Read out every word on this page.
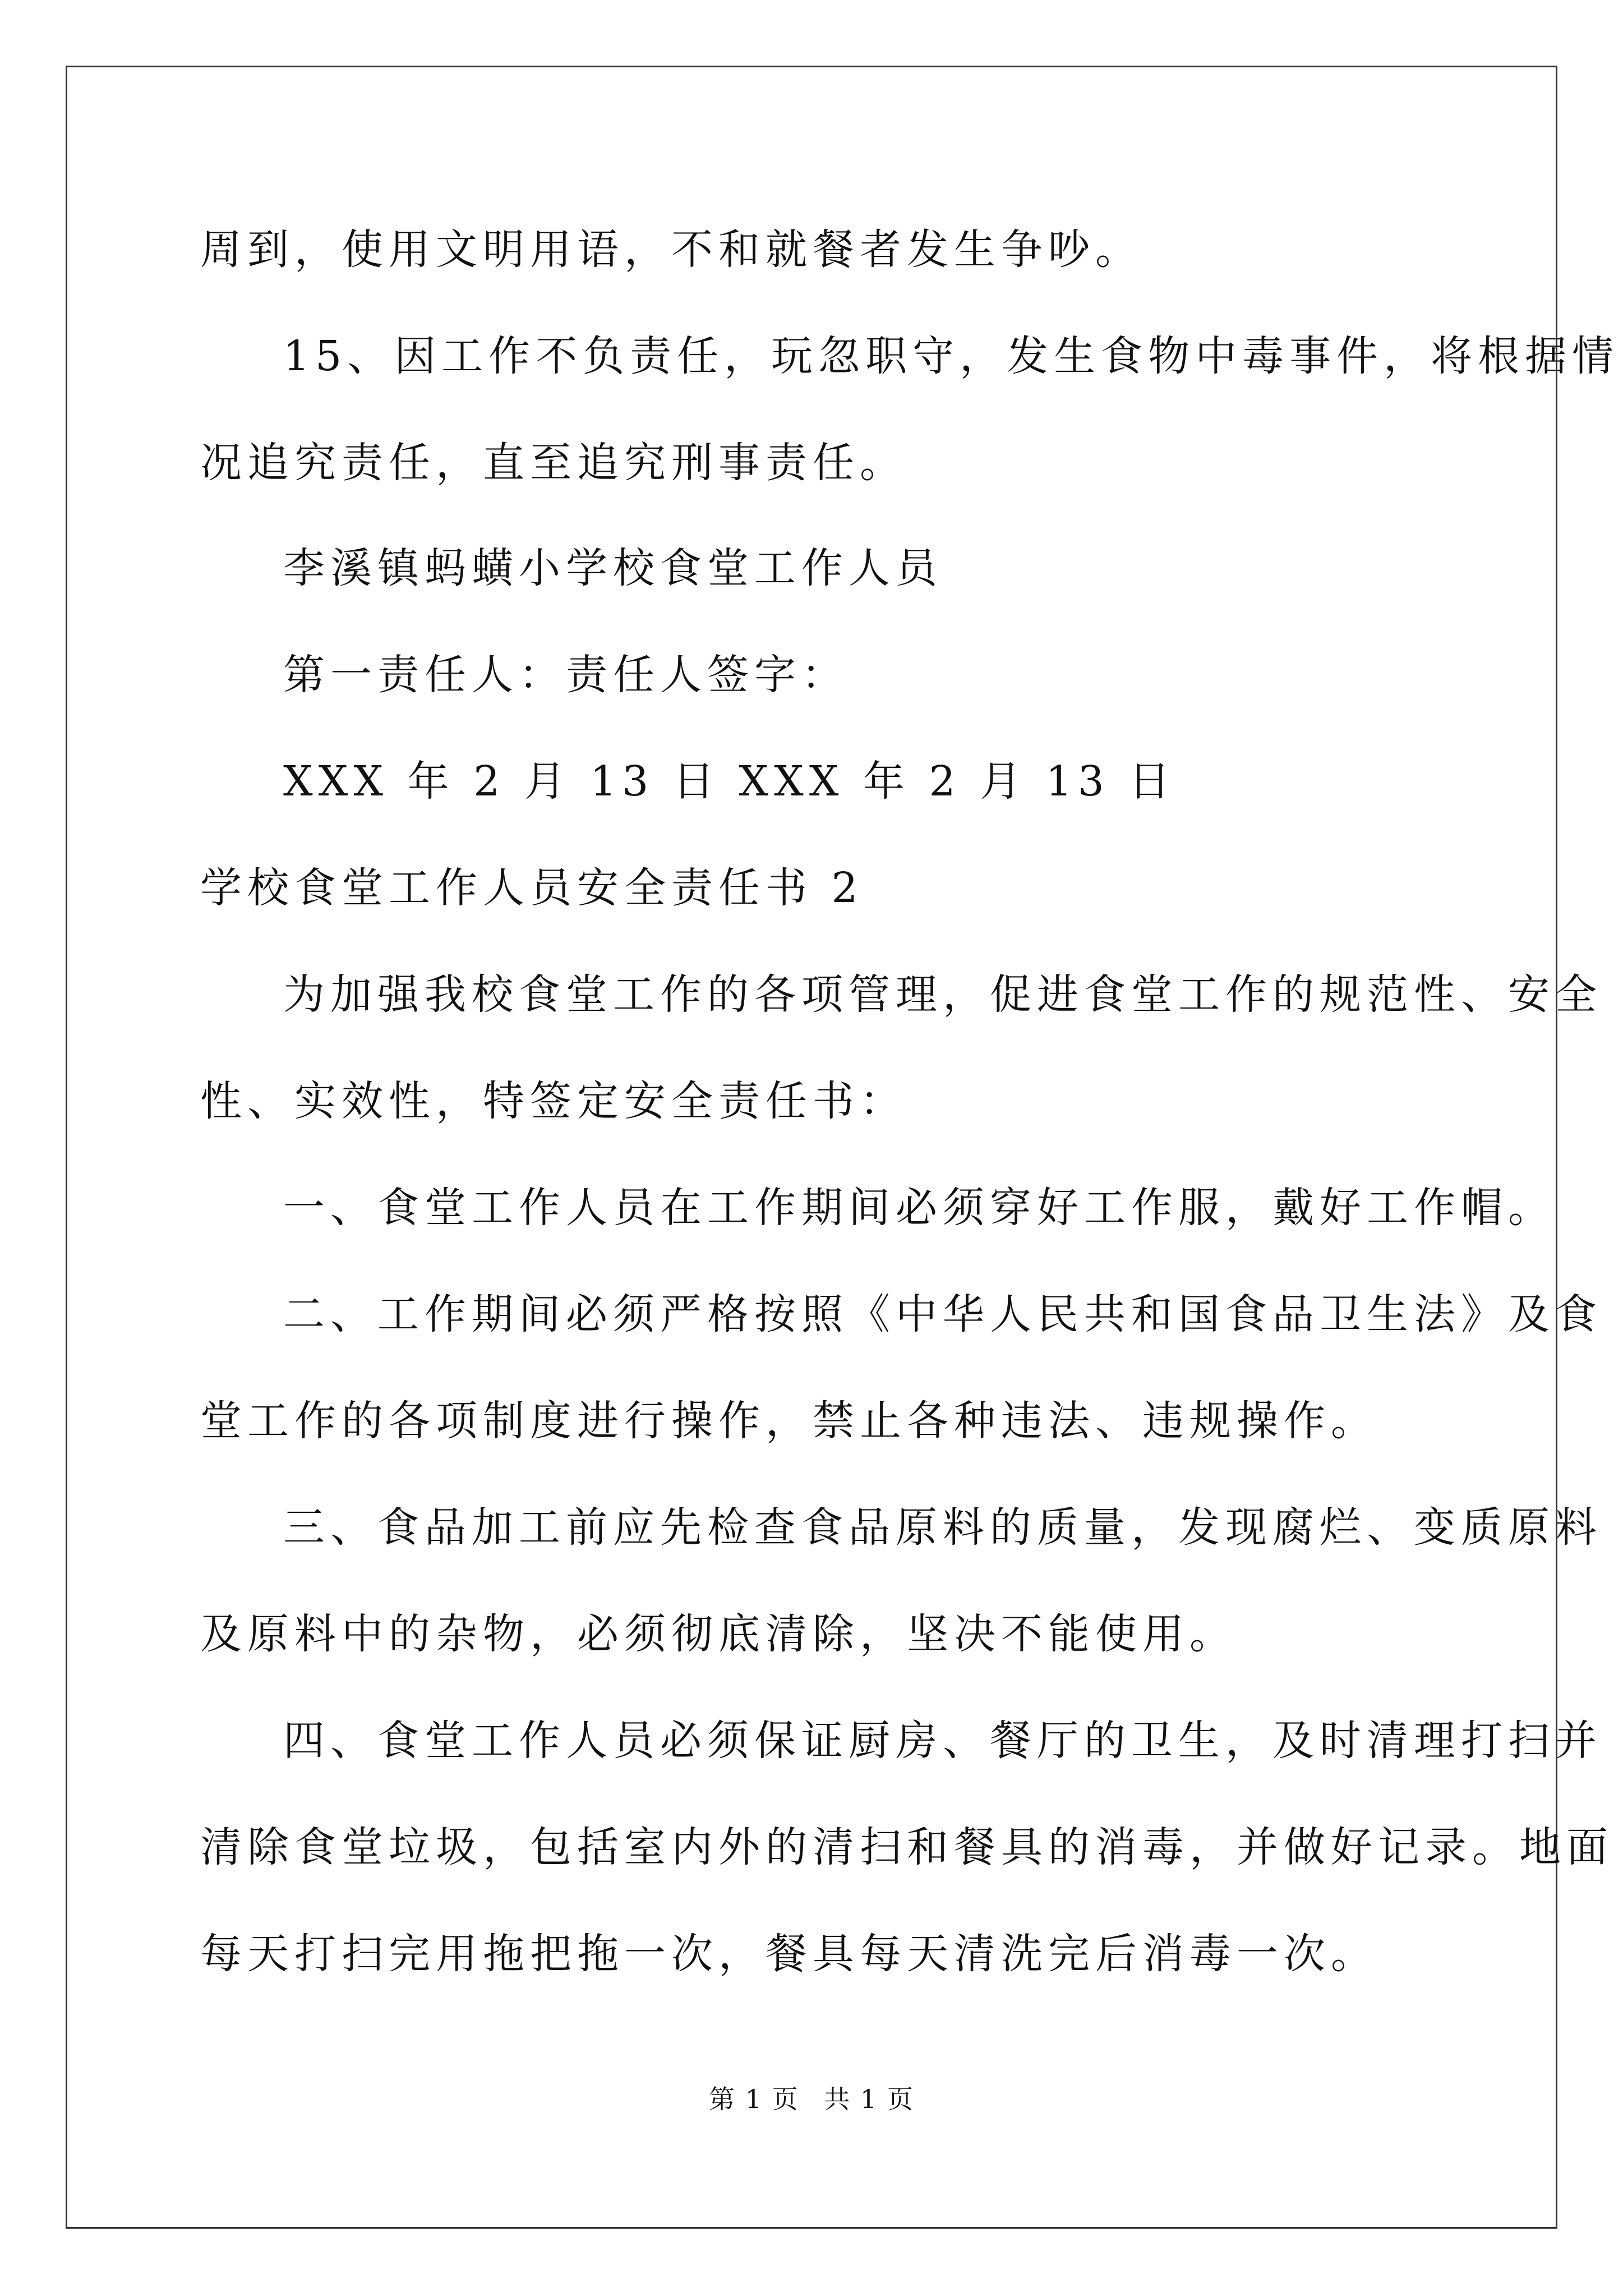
周到，使用文明用语，不和就餐者发生争吵。
15、因工作不负责任，玩忽职守，发生食物中毒事件，将根据情
况追究责任，直至追究刑事责任。
李溪镇蚂蟥小学校食堂工作人员
第一责任人：责任人签字：
XXX 年 2 月 13 日 XXX 年 2 月 13 日
学校食堂工作人员安全责任书 2
为加强我校食堂工作的各项管理，促进食堂工作的规范性、安全
性、实效性，特签定安全责任书：
一、食堂工作人员在工作期间必须穿好工作服，戴好工作帽。
二、工作期间必须严格按照《中华人民共和国食品卫生法》及食
堂工作的各项制度进行操作，禁止各种违法、违规操作。
三、食品加工前应先检查食品原料的质量，发现腐烂、变质原料
及原料中的杂物，必须彻底清除，坚决不能使用。
四、食堂工作人员必须保证厨房、餐厅的卫生，及时清理打扫并
清除食堂垃圾，包括室内外的清扫和餐具的消毒，并做好记录。地面
每天打扫完用拖把拖一次，餐具每天清洗完后消毒一次。
第 1 页 共 1 页
